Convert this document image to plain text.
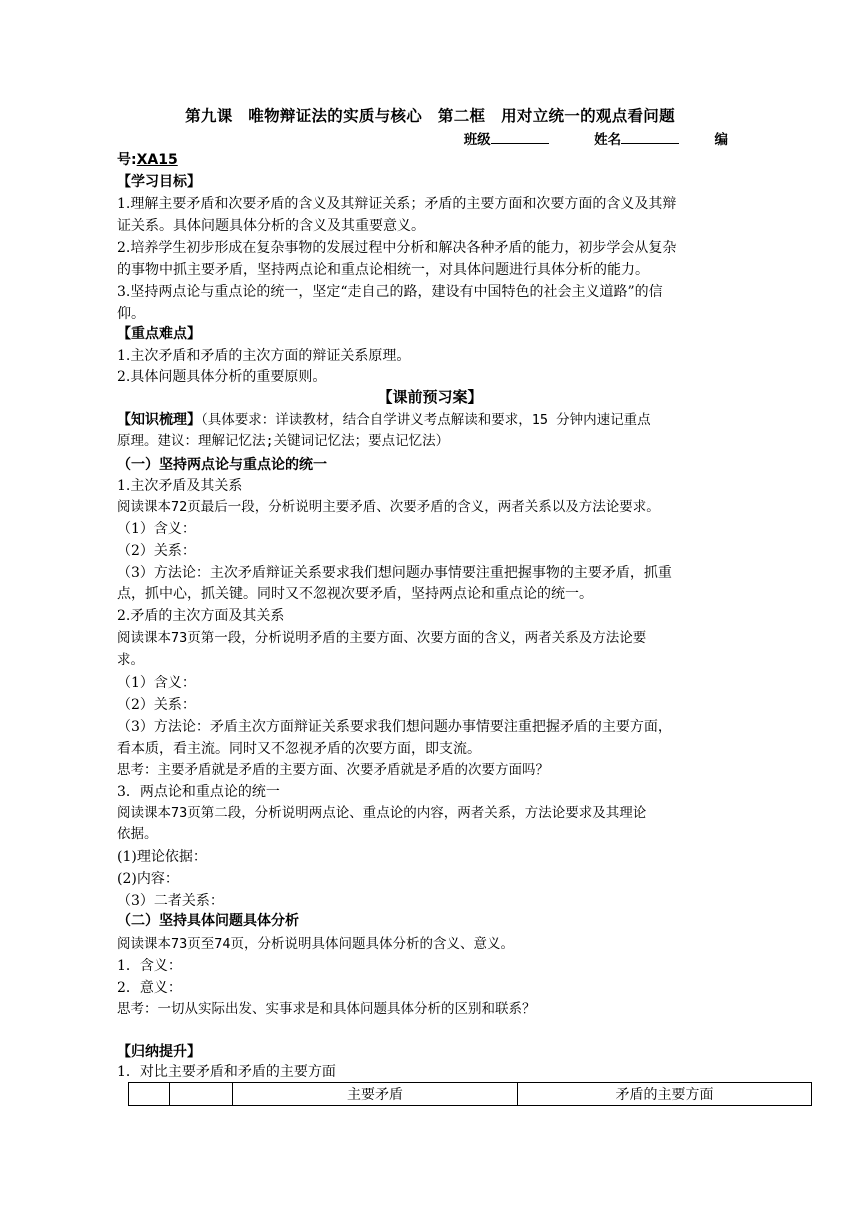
第九课　唯物辩证法的实质与核心　第二框　用对立统一的观点看问题
班级	姓名	编
号:XA15
【学习目标】
1.理解主要矛盾和次要矛盾的含义及其辩证关系；矛盾的主要方面和次要方面的含义及其辩
证关系。具体问题具体分析的含义及其重要意义。
2.培养学生初步形成在复杂事物的发展过程中分析和解决各种矛盾的能力，初步学会从复杂
的事物中抓主要矛盾，坚持两点论和重点论相统一，对具体问题进行具体分析的能力。
3.坚持两点论与重点论的统一，坚定“走自己的路，建设有中国特色的社会主义道路”的信
仰。
【重点难点】
1.主次矛盾和矛盾的主次方面的辩证关系原理。
2.具体问题具体分析的重要原则。
【课前预习案】
【知识梳理】（具体要求：详读教材，结合自学讲义考点解读和要求，15 分钟内速记重点
原理。建议：理解记忆法;关键词记忆法；要点记忆法）
（一）坚持两点论与重点论的统一
1.主次矛盾及其关系
阅读课本72页最后一段，分析说明主要矛盾、次要矛盾的含义，两者关系以及方法论要求。
（1）含义：
（2）关系：
（3）方法论：主次矛盾辩证关系要求我们想问题办事情要注重把握事物的主要矛盾，抓重
点，抓中心，抓关键。同时又不忽视次要矛盾，坚持两点论和重点论的统一。
2.矛盾的主次方面及其关系
阅读课本73页第一段，分析说明矛盾的主要方面、次要方面的含义，两者关系及方法论要
求。
（1）含义：
（2）关系：
（3）方法论：矛盾主次方面辩证关系要求我们想问题办事情要注重把握矛盾的主要方面，
看本质，看主流。同时又不忽视矛盾的次要方面，即支流。
思考：主要矛盾就是矛盾的主要方面、次要矛盾就是矛盾的次要方面吗？
3．两点论和重点论的统一
阅读课本73页第二段，分析说明两点论、重点论的内容，两者关系，方法论要求及其理论
依据。
(1)理论依据：
(2)内容：
（3）二者关系：
（二）坚持具体问题具体分析
阅读课本73页至74页，分析说明具体问题具体分析的含义、意义。
1．含义：
2．意义：
思考：一切从实际出发、实事求是和具体问题具体分析的区别和联系？
【归纳提升】
1．对比主要矛盾和矛盾的主要方面
		主要矛盾	矛盾的主要方面
